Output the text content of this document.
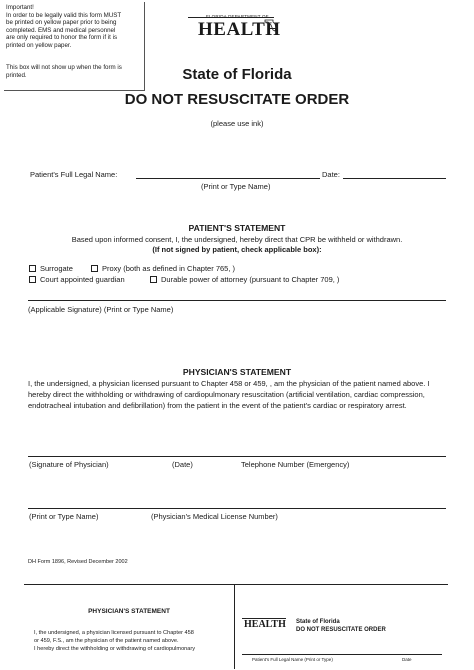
Important!
In order to be legally valid this form MUST
be printed on yellow paper prior to being
completed. EMS and medical personnel
are only required to honor the form if it is
printed on yellow paper.
This box will not show up when the form is printed.
FLORIDA DEPARTMENT OF
HEALTH
State of Florida
DO NOT RESUSCITATE ORDER
(please use ink)
Patient's Full Legal Name:	Date:
(Print or Type Name)
PATIENT'S STATEMENT
Based upon informed consent, I, the undersigned, hereby direct that CPR be withheld or withdrawn.
(If not signed by patient, check applicable box):
Surrogate	Proxy (both as defined in Chapter 765, )
Court appointed guardian	Durable power of attorney (pursuant to Chapter 709, )
(Applicable Signature) (Print or Type Name)
PHYSICIAN'S STATEMENT
I, the undersigned, a physician licensed pursuant to Chapter 458 or 459, , am the physician of the patient named above. I hereby direct the withholding or withdrawing of cardiopulmonary resuscitation (artificial ventilation, cardiac compression, endotracheal intubation and defibrillation) from the patient in the event of the patient's cardiac or respiratory arrest.
(Signature of Physician)	(Date)	Telephone Number (Emergency)
(Print or Type Name)	(Physician's Medical License Number)
DH Form 1896, Revised December 2002
PHYSICIAN'S STATEMENT
I, the undersigned, a physician licensed pursuant to Chapter 458
or 459, F.S., am the physician of the patient named above.
I hereby direct the withholding or withdrawing of cardiopulmonary
HEALTH State of Florida
DO NOT RESUSCITATE ORDER
Patient's Full Legal Name (Print or Type)	Date
